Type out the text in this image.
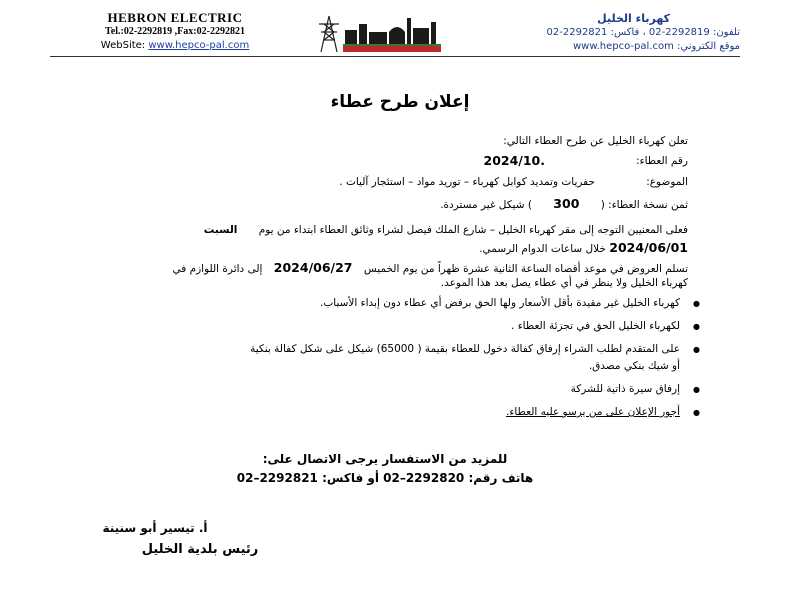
HEBRON ELECTRIC
Tel.:02-2292819 ,Fax:02-2292821
WebSite: www.hepco-pal.com
كهرباء الخليل
تلفون: 2292819-02 ، فاكس: 2292821-02
موقع الكتروني: www.hepco-pal.com
إعلان طرح عطاء
تعلن كهرباء الخليل عن طرح العطاء التالي:
رقم العطاء:
2024/10.
الموضوع:
حفريات وتمديد كوابل كهرباء – توريد مواد – استئجار آليات .
ثمن نسخة العطاء: ( 300 ) شيكل غير مستردة.
فعلى المعنيين التوجه إلى مقر كهرباء الخليل – شارع الملك فيصل لشراء وثائق العطاء ابتداء من يوم السبت
2024/06/01 خلال ساعات الدوام الرسمي.
تسلم العروض في موعد أقصاه الساعة الثانية عشرة ظهراً من يوم الخميس 2024/06/27 إلى دائرة اللوازم في
كهرباء الخليل ولا ينظر في أي عطاء يصل بعد هذا الموعد.
● كهرباء الخليل غير مقيدة بأقل الأسعار ولها الحق برفض أي عطاء دون إبداء الأسباب.
● لكهرباء الخليل الحق في تجزئة العطاء .
● على المتقدم لطلب الشراء إرفاق كفالة دخول للعطاء بقيمة ( 65000) شيكل على شكل كفالة بنكية
أو شيك بنكي مصدق.
● إرفاق سيرة ذاتية للشركة
● أجور الإعلان على من يرسو عليه العطاء.
للمزيد من الاستفسار يرجى الاتصال على:
هاتف رقم: 2292820–02 أو فاكس: 2292821–02
أ. تيسير أبو سنينة
رئيس بلدية الخليل
